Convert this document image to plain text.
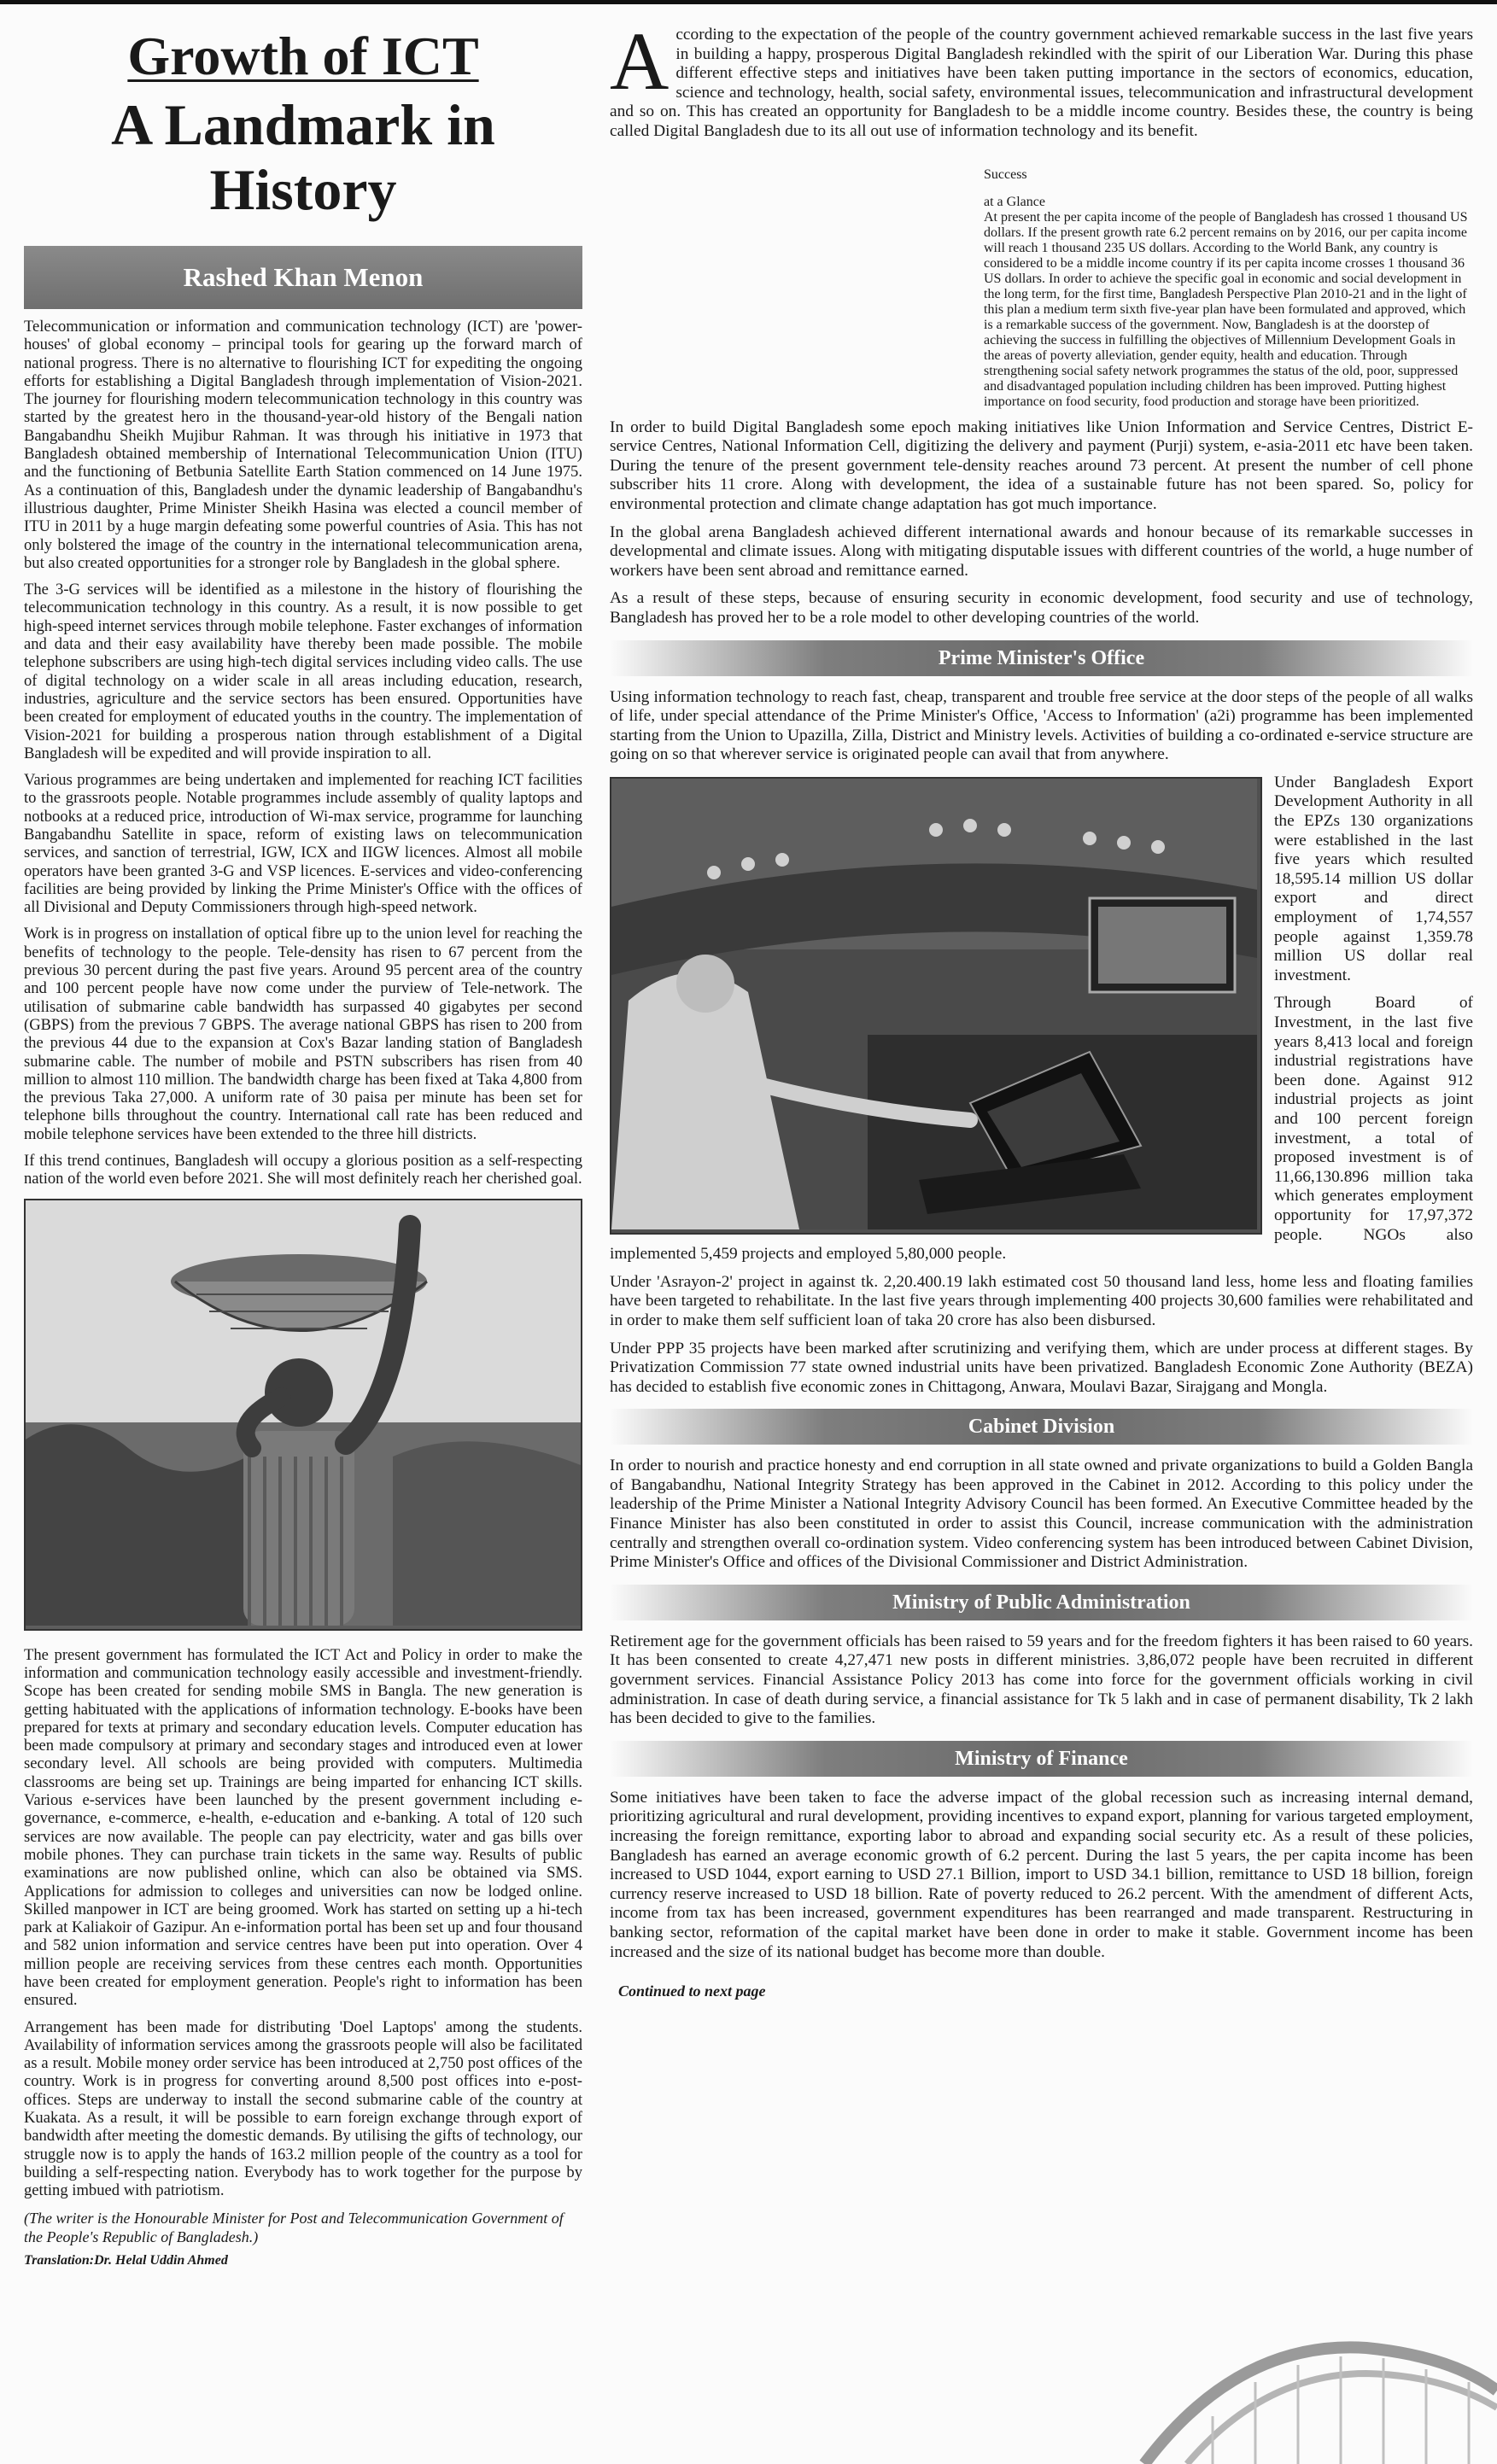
Growth of ICT
A Landmark in History
Rashed Khan Menon

Telecommunication or information and communication technology (ICT) are 'power-houses' of global economy – principal tools for gearing up the forward march of national progress. There is no alternative to flourishing ICT for expediting the ongoing efforts for establishing a Digital Bangladesh through implementation of Vision-2021. The journey for flourishing modern telecommunication technology in this country was started by the greatest hero in the thousand-year-old history of the Bengali nation Bangabandhu Sheikh Mujibur Rahman. It was through his initiative in 1973 that Bangladesh obtained membership of International Telecommunication Union (ITU) and the functioning of Betbunia Satellite Earth Station commenced on 14 June 1975. As a continuation of this, Bangladesh under the dynamic leadership of Bangabandhu's illustrious daughter, Prime Minister Sheikh Hasina was elected a council member of ITU in 2011 by a huge margin defeating some powerful countries of Asia. This has not only bolstered the image of the country in the international telecommunication arena, but also created opportunities for a stronger role by Bangladesh in the global sphere.

The 3-G services will be identified as a milestone in the history of flourishing the telecommunication technology in this country. As a result, it is now possible to get high-speed internet services through mobile telephone. Faster exchanges of information and data and their easy availability have thereby been made possible. The mobile telephone subscribers are using high-tech digital services including video calls. The use of digital technology on a wider scale in all areas including education, research, industries, agriculture and the service sectors has been ensured. Opportunities have been created for employment of educated youths in the country. The implementation of Vision-2021 for building a prosperous nation through establishment of a Digital Bangladesh will be expedited and will provide inspiration to all.

Various programmes are being undertaken and implemented for reaching ICT facilities to the grassroots people. Notable programmes include assembly of quality laptops and notbooks at a reduced price, introduction of Wi-max service, programme for launching Bangabandhu Satellite in space, reform of existing laws on telecommunication services, and sanction of terrestrial, IGW, ICX and IIGW licences. Almost all mobile operators have been granted 3-G and VSP licences. E-services and video-conferencing facilities are being provided by linking the Prime Minister's Office with the offices of all Divisional and Deputy Commissioners through high-speed network.

Work is in progress on installation of optical fibre up to the union level for reaching the benefits of technology to the people. Tele-density has risen to 67 percent from the previous 30 percent during the past five years. Around 95 percent area of the country and 100 percent people have now come under the purview of Tele-network. The utilisation of submarine cable bandwidth has surpassed 40 gigabytes per second (GBPS) from the previous 7 GBPS. The average national GBPS has risen to 200 from the previous 44 due to the expansion at Cox's Bazar landing station of Bangladesh submarine cable. The number of mobile and PSTN subscribers has risen from 40 million to almost 110 million. The bandwidth charge has been fixed at Taka 4,800 from the previous Taka 27,000. A uniform rate of 30 paisa per minute has been set for telephone bills throughout the country. International call rate has been reduced and mobile telephone services have been extended to the three hill districts.

If this trend continues, Bangladesh will occupy a glorious position as a self-respecting nation of the world even before 2021. She will most definitely reach her cherished goal.

The present government has formulated the ICT Act and Policy in order to make the information and communication technology easily accessible and investment-friendly. Scope has been created for sending mobile SMS in Bangla. The new generation is getting habituated with the applications of information technology. E-books have been prepared for texts at primary and secondary education levels. Computer education has been made compulsory at primary and secondary stages and introduced even at lower secondary level. All schools are being provided with computers. Multimedia classrooms are being set up. Trainings are being imparted for enhancing ICT skills. Various e-services have been launched by the present government including e-governance, e-commerce, e-health, e-education and e-banking. A total of 120 such services are now available. The people can pay electricity, water and gas bills over mobile phones. They can purchase train tickets in the same way. Results of public examinations are now published online, which can also be obtained via SMS. Applications for admission to colleges and universities can now be lodged online. Skilled manpower in ICT are being groomed. Work has started on setting up a hi-tech park at Kaliakoir of Gazipur. An e-information portal has been set up and four thousand and 582 union information and service centres have been put into operation. Over 4 million people are receiving services from these centres each month. Opportunities have been created for employment generation. People's right to information has been ensured.

Arrangement has been made for distributing 'Doel Laptops' among the students. Availability of information services among the grassroots people will also be facilitated as a result. Mobile money order service has been introduced at 2,750 post offices of the country. Work is in progress for converting around 8,500 post offices into e-post-offices. Steps are underway to install the second submarine cable of the country at Kuakata. As a result, it will be possible to earn foreign exchange through export of bandwidth after meeting the domestic demands. By utilising the gifts of technology, our struggle now is to apply the hands of 163.2 million people of the country as a tool for building a self-respecting nation. Everybody has to work together for the purpose by getting imbued with patriotism.

(The writer is the Honourable Minister for Post and Telecommunication Government of the People's Republic of Bangladesh.)
Translation:Dr. Helal Uddin Ahmed

According to the expectation of the people of the country government achieved remarkable success in the last five years in building a happy, prosperous Digital Bangladesh rekindled with the spirit of our Liberation War. During this phase different effective steps and initiatives have been taken putting importance in the sectors of economics, education, science and technology, health, social safety, environmental issues, telecommunication and infrastructural development and so on. This has created an opportunity for Bangladesh to be a middle income country. Besides these, the country is being called Digital Bangladesh due to its all out use of information technology and its benefit.

Success
at a Glance
At present the per capita income of the people of Bangladesh has crossed 1 thousand US dollars. If the present growth rate 6.2 percent remains on by 2016, our per capita income will reach 1 thousand 235 US dollars. According to the World Bank, any country is considered to be a middle income country if its per capita income crosses 1 thousand 36 US dollars. In order to achieve the specific goal in economic and social development in the long term, for the first time, Bangladesh Perspective Plan 2010-21 and in the light of this plan a medium term sixth five-year plan have been formulated and approved, which is a remarkable success of the government. Now, Bangladesh is at the doorstep of achieving the success in fulfilling the objectives of Millennium Development Goals in the areas of poverty alleviation, gender equity, health and education. Through strengthening social safety network programmes the status of the old, poor, suppressed and disadvantaged population including children has been improved. Putting highest importance on food security, food production and storage have been prioritized.

In order to build Digital Bangladesh some epoch making initiatives like Union Information and Service Centres, District E-service Centres, National Information Cell, digitizing the delivery and payment (Purji) system, e-asia-2011 etc have been taken. During the tenure of the present government tele-density reaches around 73 percent. At present the number of cell phone subscriber hits 11 crore. Along with development, the idea of a sustainable future has not been spared. So, policy for environmental protection and climate change adaptation has got much importance.

In the global arena Bangladesh achieved different international awards and honour because of its remarkable successes in developmental and climate issues. Along with mitigating disputable issues with different countries of the world, a huge number of workers have been sent abroad and remittance earned.

As a result of these steps, because of ensuring security in economic development, food security and use of technology, Bangladesh has proved her to be a role model to other developing countries of the world.

Prime Minister's Office

Using information technology to reach fast, cheap, transparent and trouble free service at the door steps of the people of all walks of life, under special attendance of the Prime Minister's Office, 'Access to Information' (a2i) programme has been implemented starting from the Union to Upazilla, Zilla, District and Ministry levels. Activities of building a co-ordinated e-service structure are going on so that wherever service is originated people can avail that from anywhere.

Under Bangladesh Export Development Authority in all the EPZs 130 organizations were established in the last five years which resulted 18,595.14 million US dollar export and direct employment of 1,74,557 people against 1,359.78 million US dollar real investment.

Through Board of Investment, in the last five years 8,413 local and foreign industrial registrations have been done. Against 912 industrial projects as joint and 100 percent foreign investment, a total of proposed investment is of 11,66,130.896 million taka which generates employment opportunity for 17,97,372 people. NGOs also implemented 5,459 projects and employed 5,80,000 people.

Under 'Asrayon-2' project in against tk. 2,20.400.19 lakh estimated cost 50 thousand land less, home less and floating families have been targeted to rehabilitate. In the last five years through implementing 400 projects 30,600 families were rehabilitated and in order to make them self sufficient loan of taka 20 crore has also been disbursed.

Under PPP 35 projects have been marked after scrutinizing and verifying them, which are under process at different stages. By Privatization Commission 77 state owned industrial units have been privatized. Bangladesh Economic Zone Authority (BEZA) has decided to establish five economic zones in Chittagong, Anwara, Moulavi Bazar, Sirajgang and Mongla.

Cabinet Division

In order to nourish and practice honesty and end corruption in all state owned and private organizations to build a Golden Bangla of Bangabandhu, National Integrity Strategy has been approved in the Cabinet in 2012. According to this policy under the leadership of the Prime Minister a National Integrity Advisory Council has been formed. An Executive Committee headed by the Finance Minister has also been constituted in order to assist this Council, increase communication with the administration centrally and strengthen overall co-ordination system. Video conferencing system has been introduced between Cabinet Division, Prime Minister's Office and offices of the Divisional Commissioner and District Administration.

Ministry of Public Administration

Retirement age for the government officials has been raised to 59 years and for the freedom fighters it has been raised to 60 years. It has been consented to create 4,27,471 new posts in different ministries. 3,86,072 people have been recruited in different government services. Financial Assistance Policy 2013 has come into force for the government officials working in civil administration. In case of death during service, a financial assistance for Tk 5 lakh and in case of permanent disability, Tk 2 lakh has been decided to give to the families.

Ministry of Finance

Some initiatives have been taken to face the adverse impact of the global recession such as increasing internal demand, prioritizing agricultural and rural development, providing incentives to expand export, planning for various targeted employment, increasing the foreign remittance, exporting labor to abroad and expanding social security etc. As a result of these policies, Bangladesh has earned an average economic growth of 6.2 percent. During the last 5 years, the per capita income has been increased to USD 1044, export earning to USD 27.1 Billion, import to USD 34.1 billion, remittance to USD 18 billion, foreign currency reserve increased to USD 18 billion. Rate of poverty reduced to 26.2 percent. With the amendment of different Acts, income from tax has been increased, government expenditures has been rearranged and made transparent. Restructuring in banking sector, reformation of the capital market have been done in order to make it stable. Government income has been increased and the size of its national budget has become more than double.

Continued to next page
